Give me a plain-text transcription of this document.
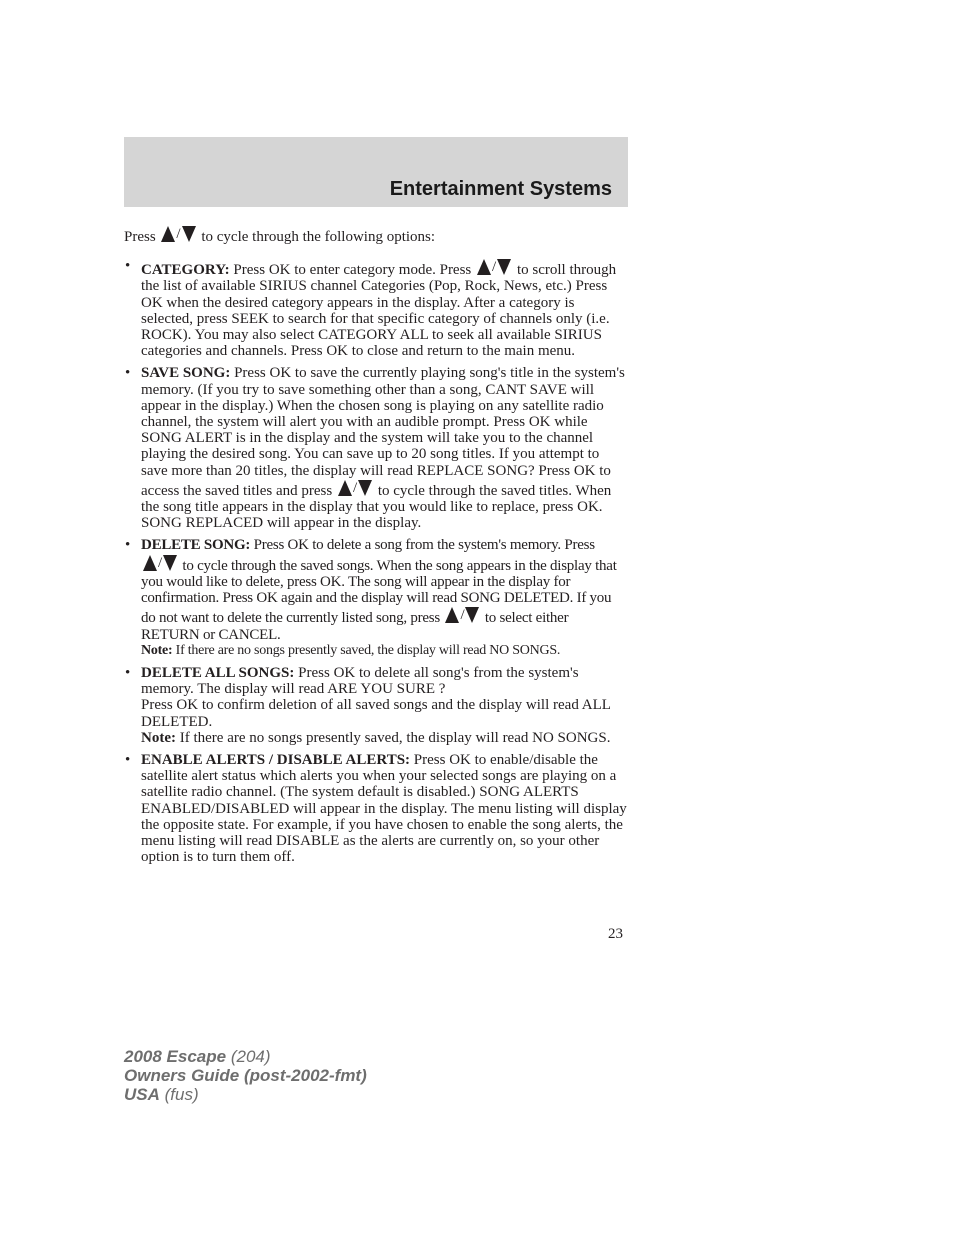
Entertainment Systems

Press / to cycle through the following options:

• CATEGORY: Press OK to enter category mode. Press / to scroll through the list of available SIRIUS channel Categories (Pop, Rock, News, etc.) Press OK when the desired category appears in the display. After a category is selected, press SEEK to search for that specific category of channels only (i.e. ROCK). You may also select CATEGORY ALL to seek all available SIRIUS categories and channels. Press OK to close and return to the main menu.

• SAVE SONG: Press OK to save the currently playing song's title in the system's memory. (If you try to save something other than a song, CANT SAVE will appear in the display.) When the chosen song is playing on any satellite radio channel, the system will alert you with an audible prompt. Press OK while SONG ALERT is in the display and the system will take you to the channel playing the desired song. You can save up to 20 song titles. If you attempt to save more than 20 titles, the display will read REPLACE SONG? Press OK to access the saved titles and press / to cycle through the saved titles. When the song title appears in the display that you would like to replace, press OK. SONG REPLACED will appear in the display.

• DELETE SONG: Press OK to delete a song from the system's memory. Press
/ to cycle through the saved songs. When the song appears in the display that you would like to delete, press OK. The song will appear in the display for confirmation. Press OK again and the display will read SONG DELETED. If you do not want to delete the currently listed song, press / to select either RETURN or CANCEL.

Note: If there are no songs presently saved, the display will read NO SONGS.

• DELETE ALL SONGS: Press OK to delete all song's from the system's memory. The display will read ARE YOU SURE ?

Press OK to confirm deletion of all saved songs and the display will read ALL DELETED.

Note: If there are no songs presently saved, the display will read NO SONGS.

• ENABLE ALERTS / DISABLE ALERTS: Press OK to enable/disable the satellite alert status which alerts you when your selected songs are playing on a satellite radio channel. (The system default is disabled.) SONG ALERTS ENABLED/DISABLED will appear in the display. The menu listing will display the opposite state. For example, if you have chosen to enable the song alerts, the menu listing will read DISABLE as the alerts are currently on, so your other option is to turn them off.

23
2008 Escape (204)
Owners Guide (post-2002-fmt)
USA (fus)
